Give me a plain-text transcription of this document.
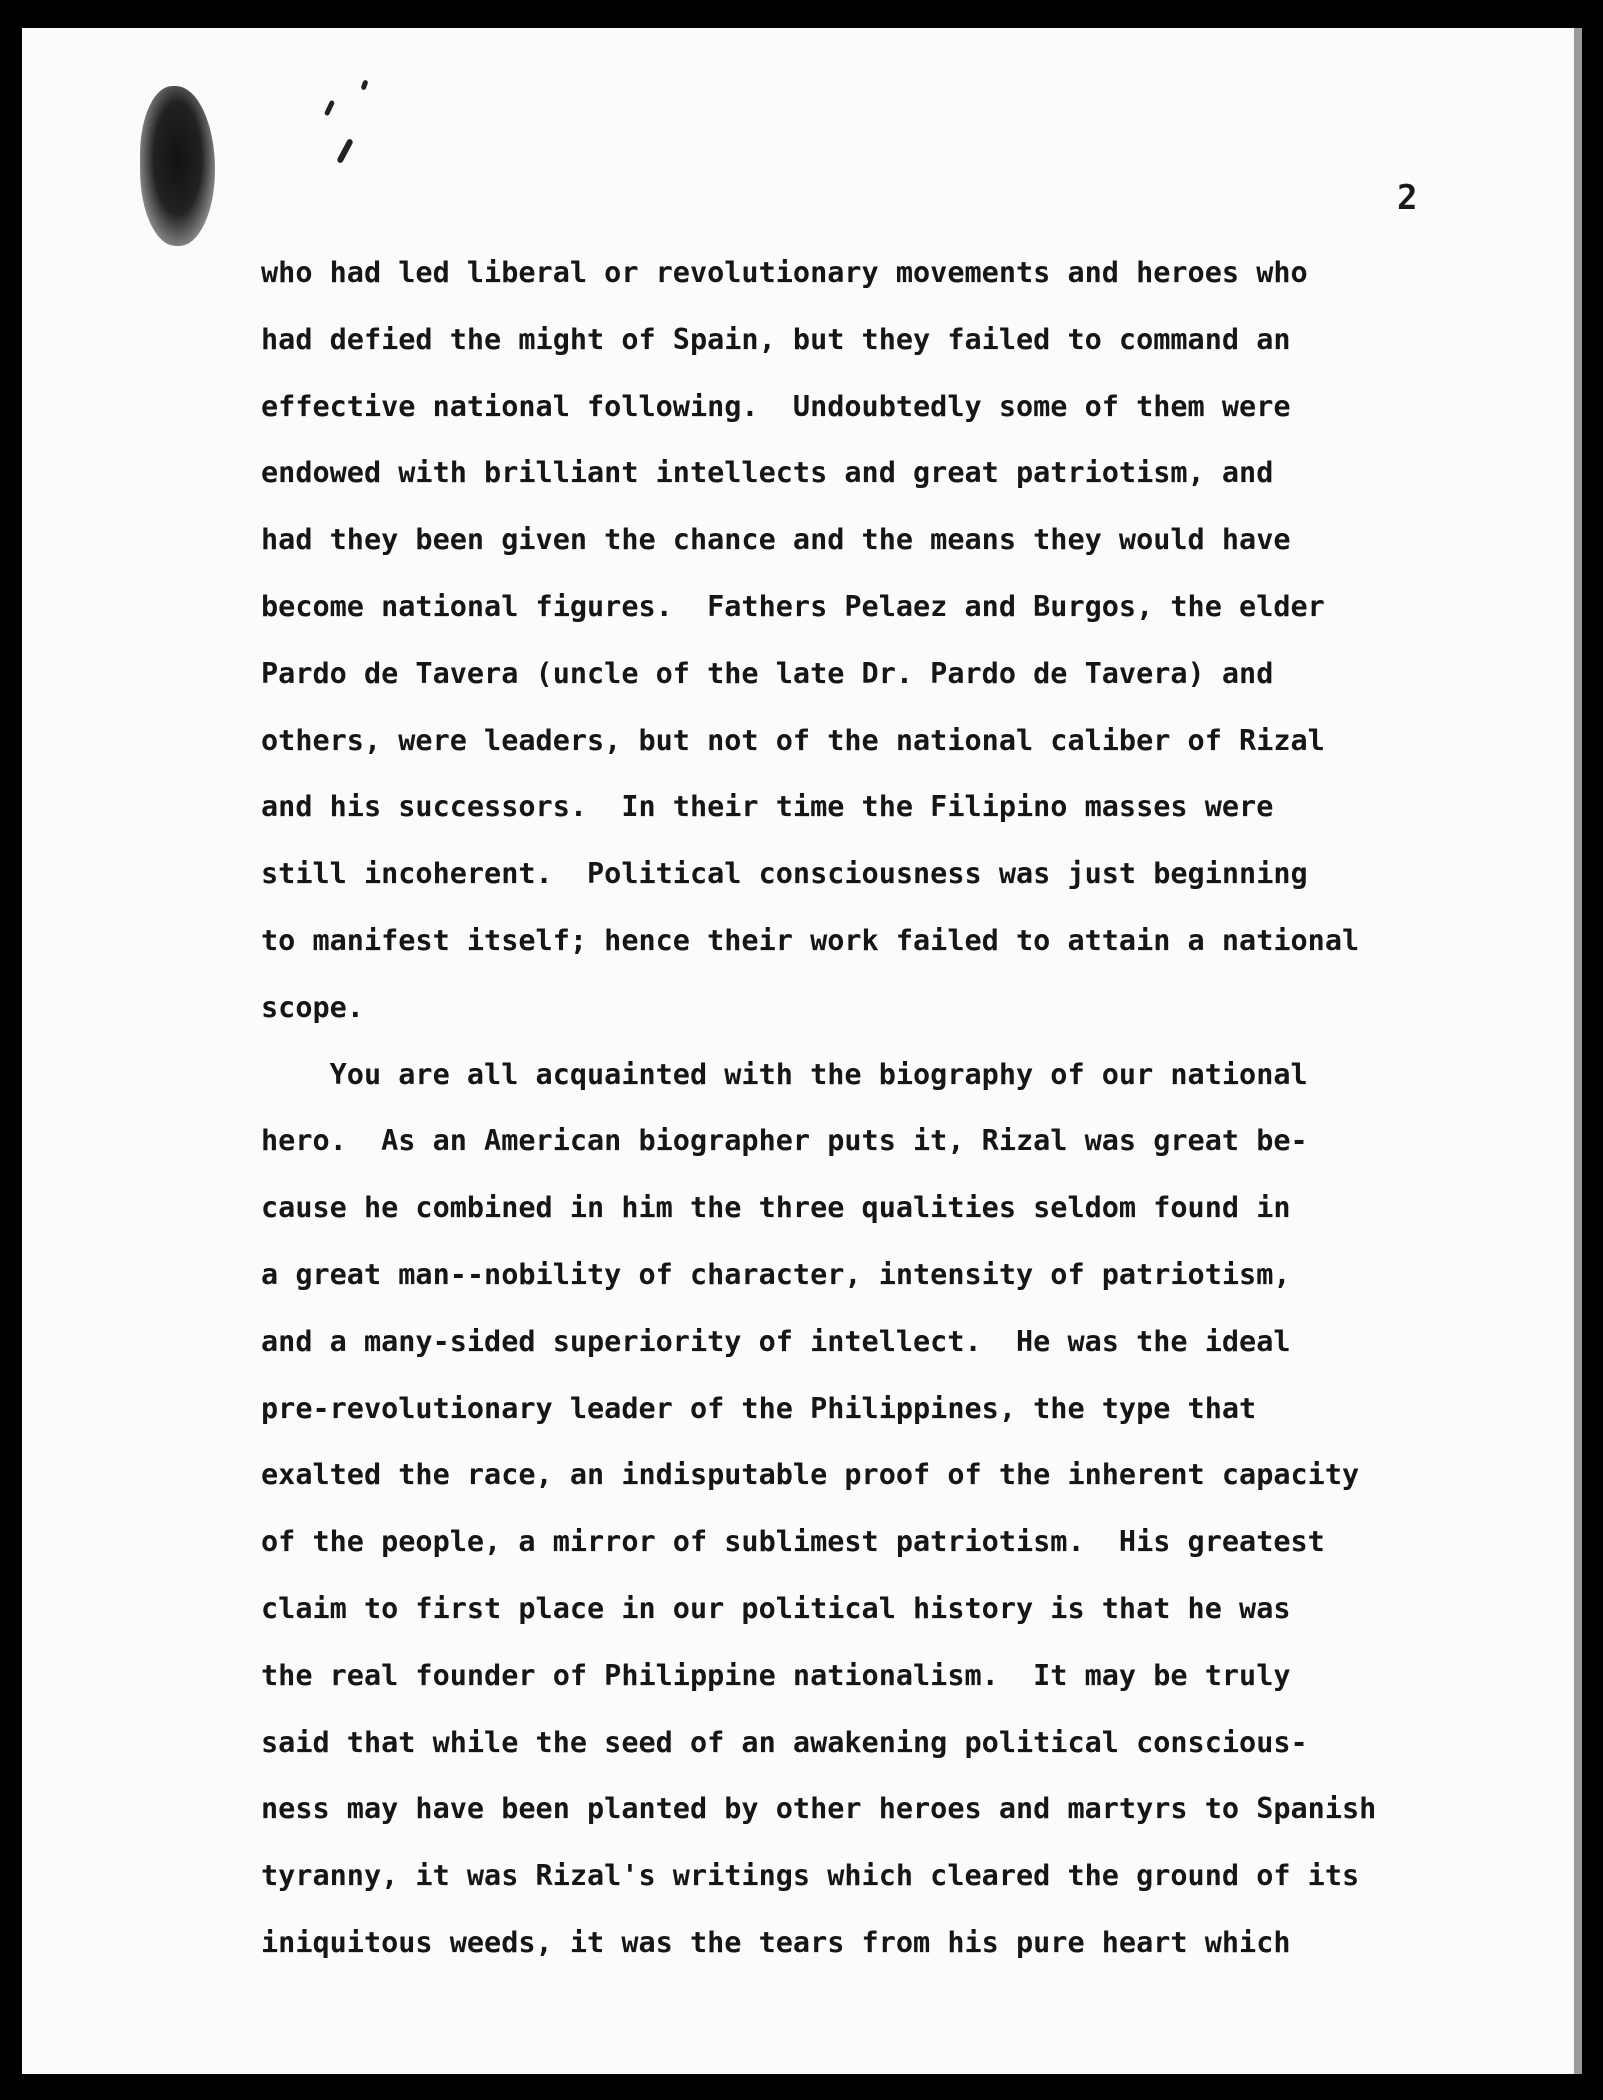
2
who had led liberal or revolutionary movements and heroes who
had defied the might of Spain, but they failed to command an
effective national following.  Undoubtedly some of them were
endowed with brilliant intellects and great patriotism, and
had they been given the chance and the means they would have
become national figures.  Fathers Pelaez and Burgos, the elder
Pardo de Tavera (uncle of the late Dr. Pardo de Tavera) and
others, were leaders, but not of the national caliber of Rizal
and his successors.  In their time the Filipino masses were
still incoherent.  Political consciousness was just beginning
to manifest itself; hence their work failed to attain a national
scope.
You are all acquainted with the biography of our national
hero.  As an American biographer puts it, Rizal was great be-
cause he combined in him the three qualities seldom found in
a great man--nobility of character, intensity of patriotism,
and a many-sided superiority of intellect.  He was the ideal
pre-revolutionary leader of the Philippines, the type that
exalted the race, an indisputable proof of the inherent capacity
of the people, a mirror of sublimest patriotism.  His greatest
claim to first place in our political history is that he was
the real founder of Philippine nationalism.  It may be truly
said that while the seed of an awakening political conscious-
ness may have been planted by other heroes and martyrs to Spanish
tyranny, it was Rizal's writings which cleared the ground of its
iniquitous weeds, it was the tears from his pure heart which
